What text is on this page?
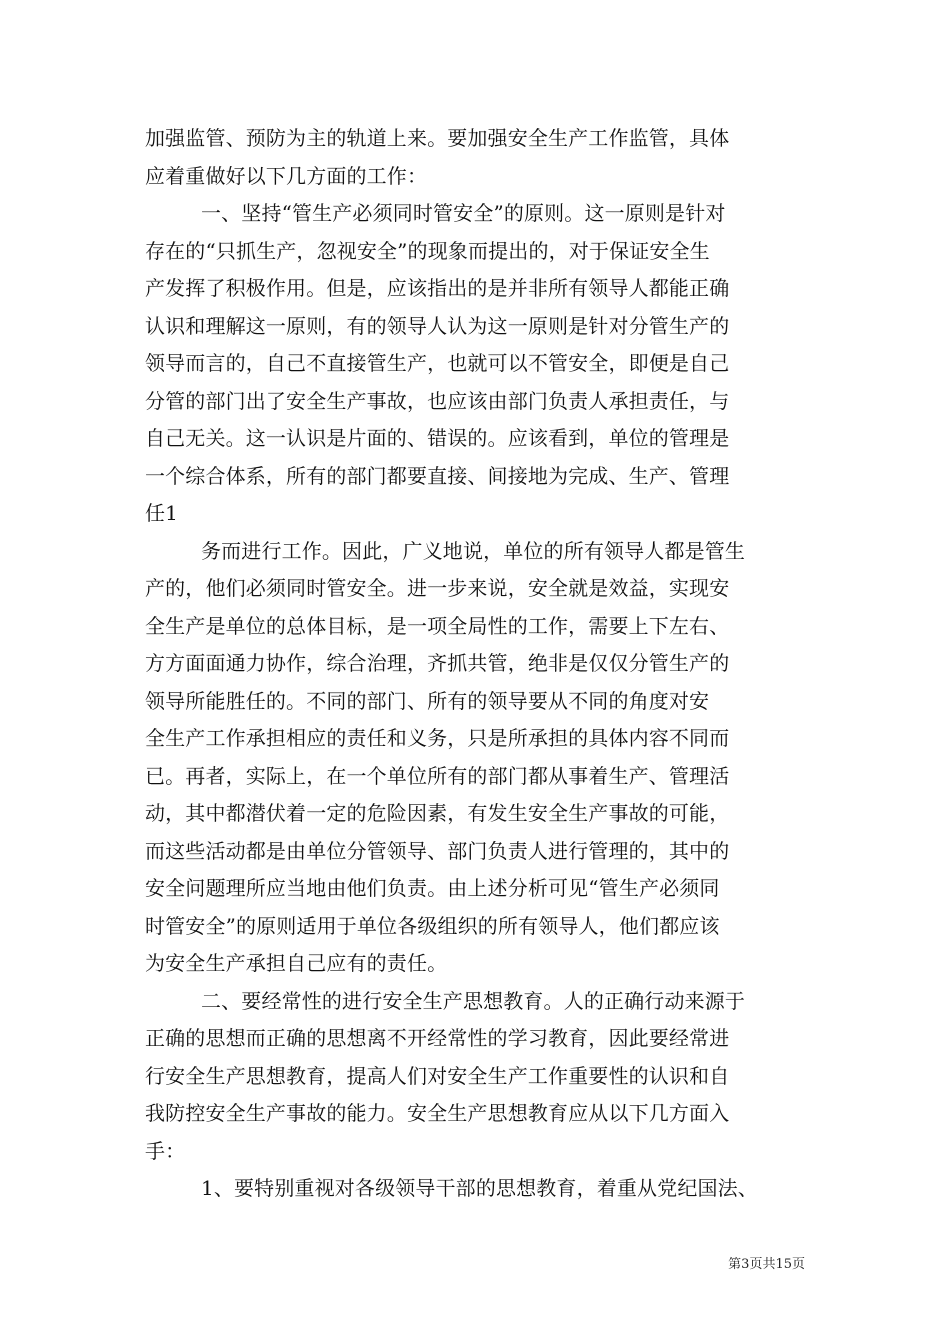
加强监管、预防为主的轨道上来。要加强安全生产工作监管，具体
应着重做好以下几方面的工作：
一、坚持“管生产必须同时管安全”的原则。这一原则是针对
存在的“只抓生产，忽视安全”的现象而提出的，对于保证安全生
产发挥了积极作用。但是，应该指出的是并非所有领导人都能正确
认识和理解这一原则，有的领导人认为这一原则是针对分管生产的
领导而言的，自己不直接管生产，也就可以不管安全，即便是自己
分管的部门出了安全生产事故，也应该由部门负责人承担责任，与
自己无关。这一认识是片面的、错误的。应该看到，单位的管理是
一个综合体系，所有的部门都要直接、间接地为完成、生产、管理
任1
务而进行工作。因此，广义地说，单位的所有领导人都是管生
产的，他们必须同时管安全。进一步来说，安全就是效益，实现安
全生产是单位的总体目标，是一项全局性的工作，需要上下左右、
方方面面通力协作，综合治理，齐抓共管，绝非是仅仅分管生产的
领导所能胜任的。不同的部门、所有的领导要从不同的角度对安
全生产工作承担相应的责任和义务，只是所承担的具体内容不同而
已。再者，实际上，在一个单位所有的部门都从事着生产、管理活
动，其中都潜伏着一定的危险因素，有发生安全生产事故的可能，
而这些活动都是由单位分管领导、部门负责人进行管理的，其中的
安全问题理所应当地由他们负责。由上述分析可见“管生产必须同
时管安全”的原则适用于单位各级组织的所有领导人，他们都应该
为安全生产承担自己应有的责任。
二、要经常性的进行安全生产思想教育。人的正确行动来源于
正确的思想而正确的思想离不开经常性的学习教育，因此要经常进
行安全生产思想教育，提高人们对安全生产工作重要性的认识和自
我防控安全生产事故的能力。安全生产思想教育应从以下几方面入
手：
1、要特别重视对各级领导干部的思想教育，着重从党纪国法、
第3页共15页
